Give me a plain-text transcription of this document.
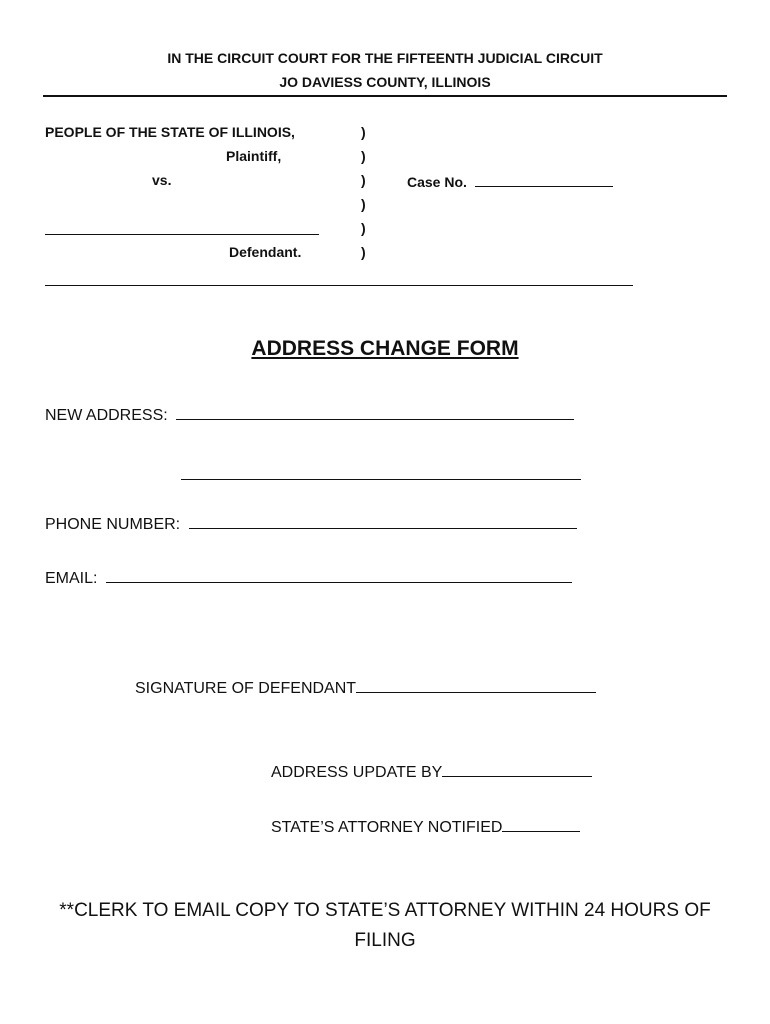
IN THE CIRCUIT COURT FOR THE FIFTEENTH JUDICIAL CIRCUIT
JO DAVIESS COUNTY, ILLINOIS
PEOPLE OF THE STATE OF ILLINOIS,
Plaintiff,
vs.
Defendant.
)
)
)
)
)
)
Case No.
ADDRESS CHANGE FORM
NEW ADDRESS:
PHONE NUMBER:
EMAIL:
SIGNATURE OF DEFENDANT
ADDRESS UPDATE BY
STATE’S ATTORNEY NOTIFIED
**CLERK TO EMAIL COPY TO STATE’S ATTORNEY WITHIN 24 HOURS OF FILING
